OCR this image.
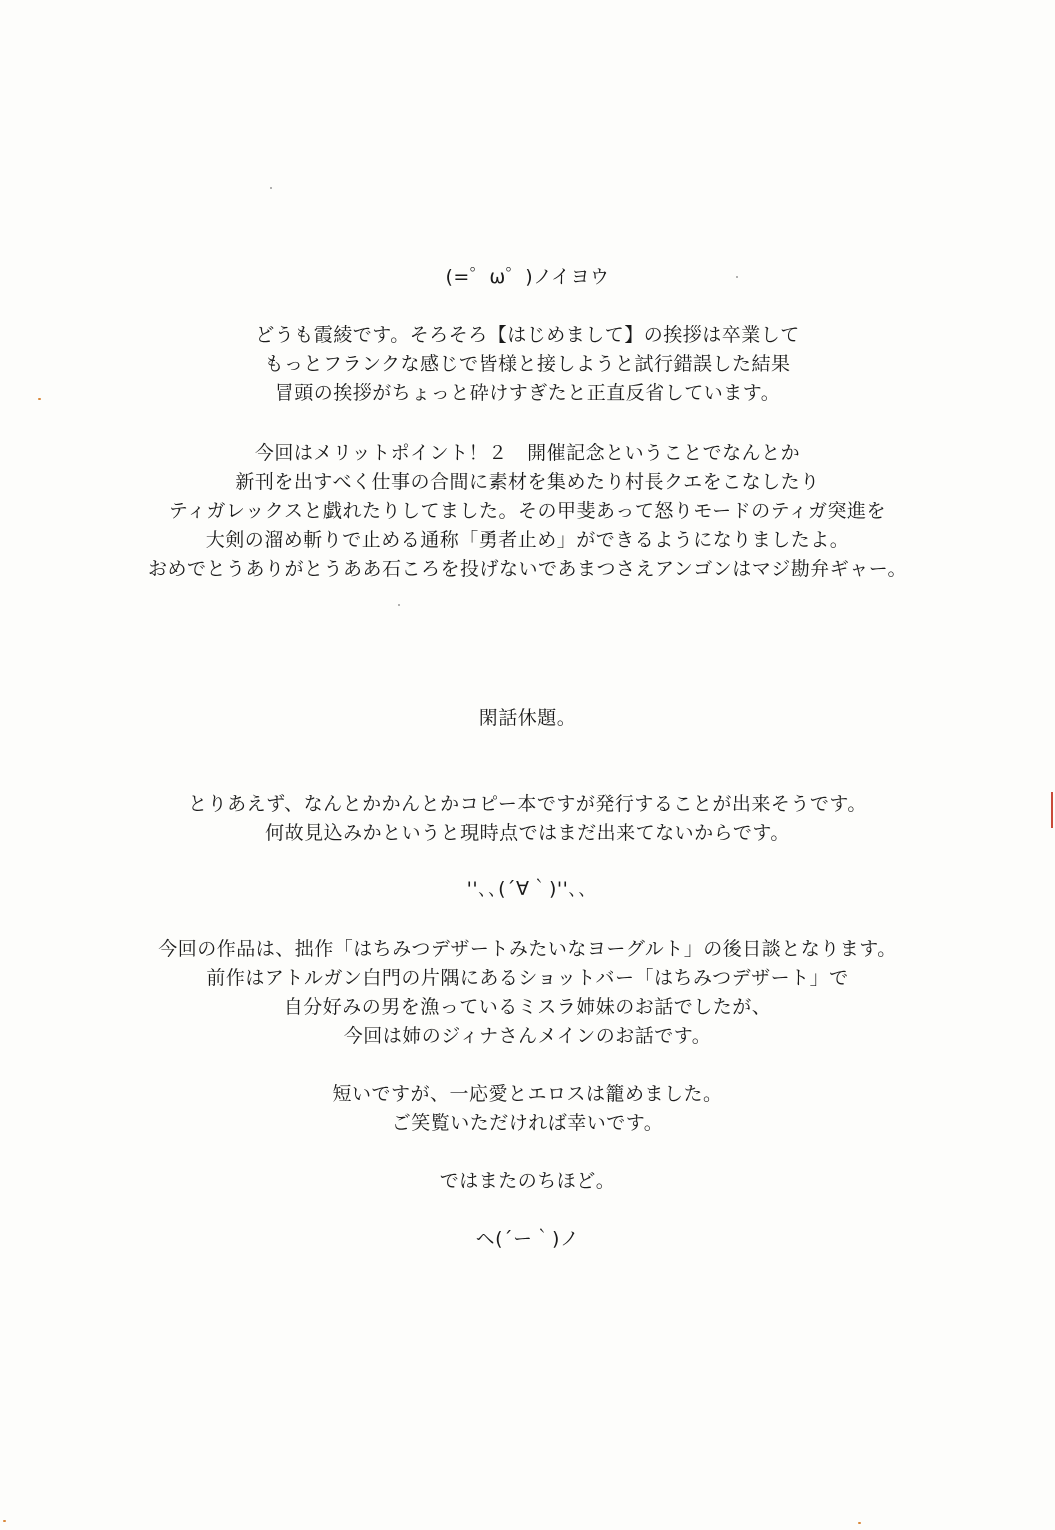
(=゜ω゜)ノイヨウ
どうも霞綾です。そろそろ【はじめまして】の挨拶は卒業して
もっとフランクな感じで皆様と接しようと試行錯誤した結果
冒頭の挨拶がちょっと砕けすぎたと正直反省しています。
今回はメリットポイント！２　開催記念ということでなんとか
新刊を出すべく仕事の合間に素材を集めたり村長クエをこなしたり
ティガレックスと戯れたりしてました。その甲斐あって怒りモードのティガ突進を
大剣の溜め斬りで止める通称「勇者止め」ができるようになりましたよ。
おめでとうありがとうああ石ころを投げないであまつさえアンゴンはマジ勘弁ギャー。
閑話休題。
とりあえず、なんとかかんとかコピー本ですが発行することが出来そうです。
何故見込みかというと現時点ではまだ出来てないからです。
''､､(´∀｀)''､､
今回の作品は、拙作「はちみつデザートみたいなヨーグルト」の後日談となります。
前作はアトルガン白門の片隅にあるショットバー「はちみつデザート」で
自分好みの男を漁っているミスラ姉妹のお話でしたが、
今回は姉のジィナさんメインのお話です。
短いですが、一応愛とエロスは籠めました。
ご笑覧いただければ幸いです。
ではまたのちほど。
ヘ(´ー｀)ノ
